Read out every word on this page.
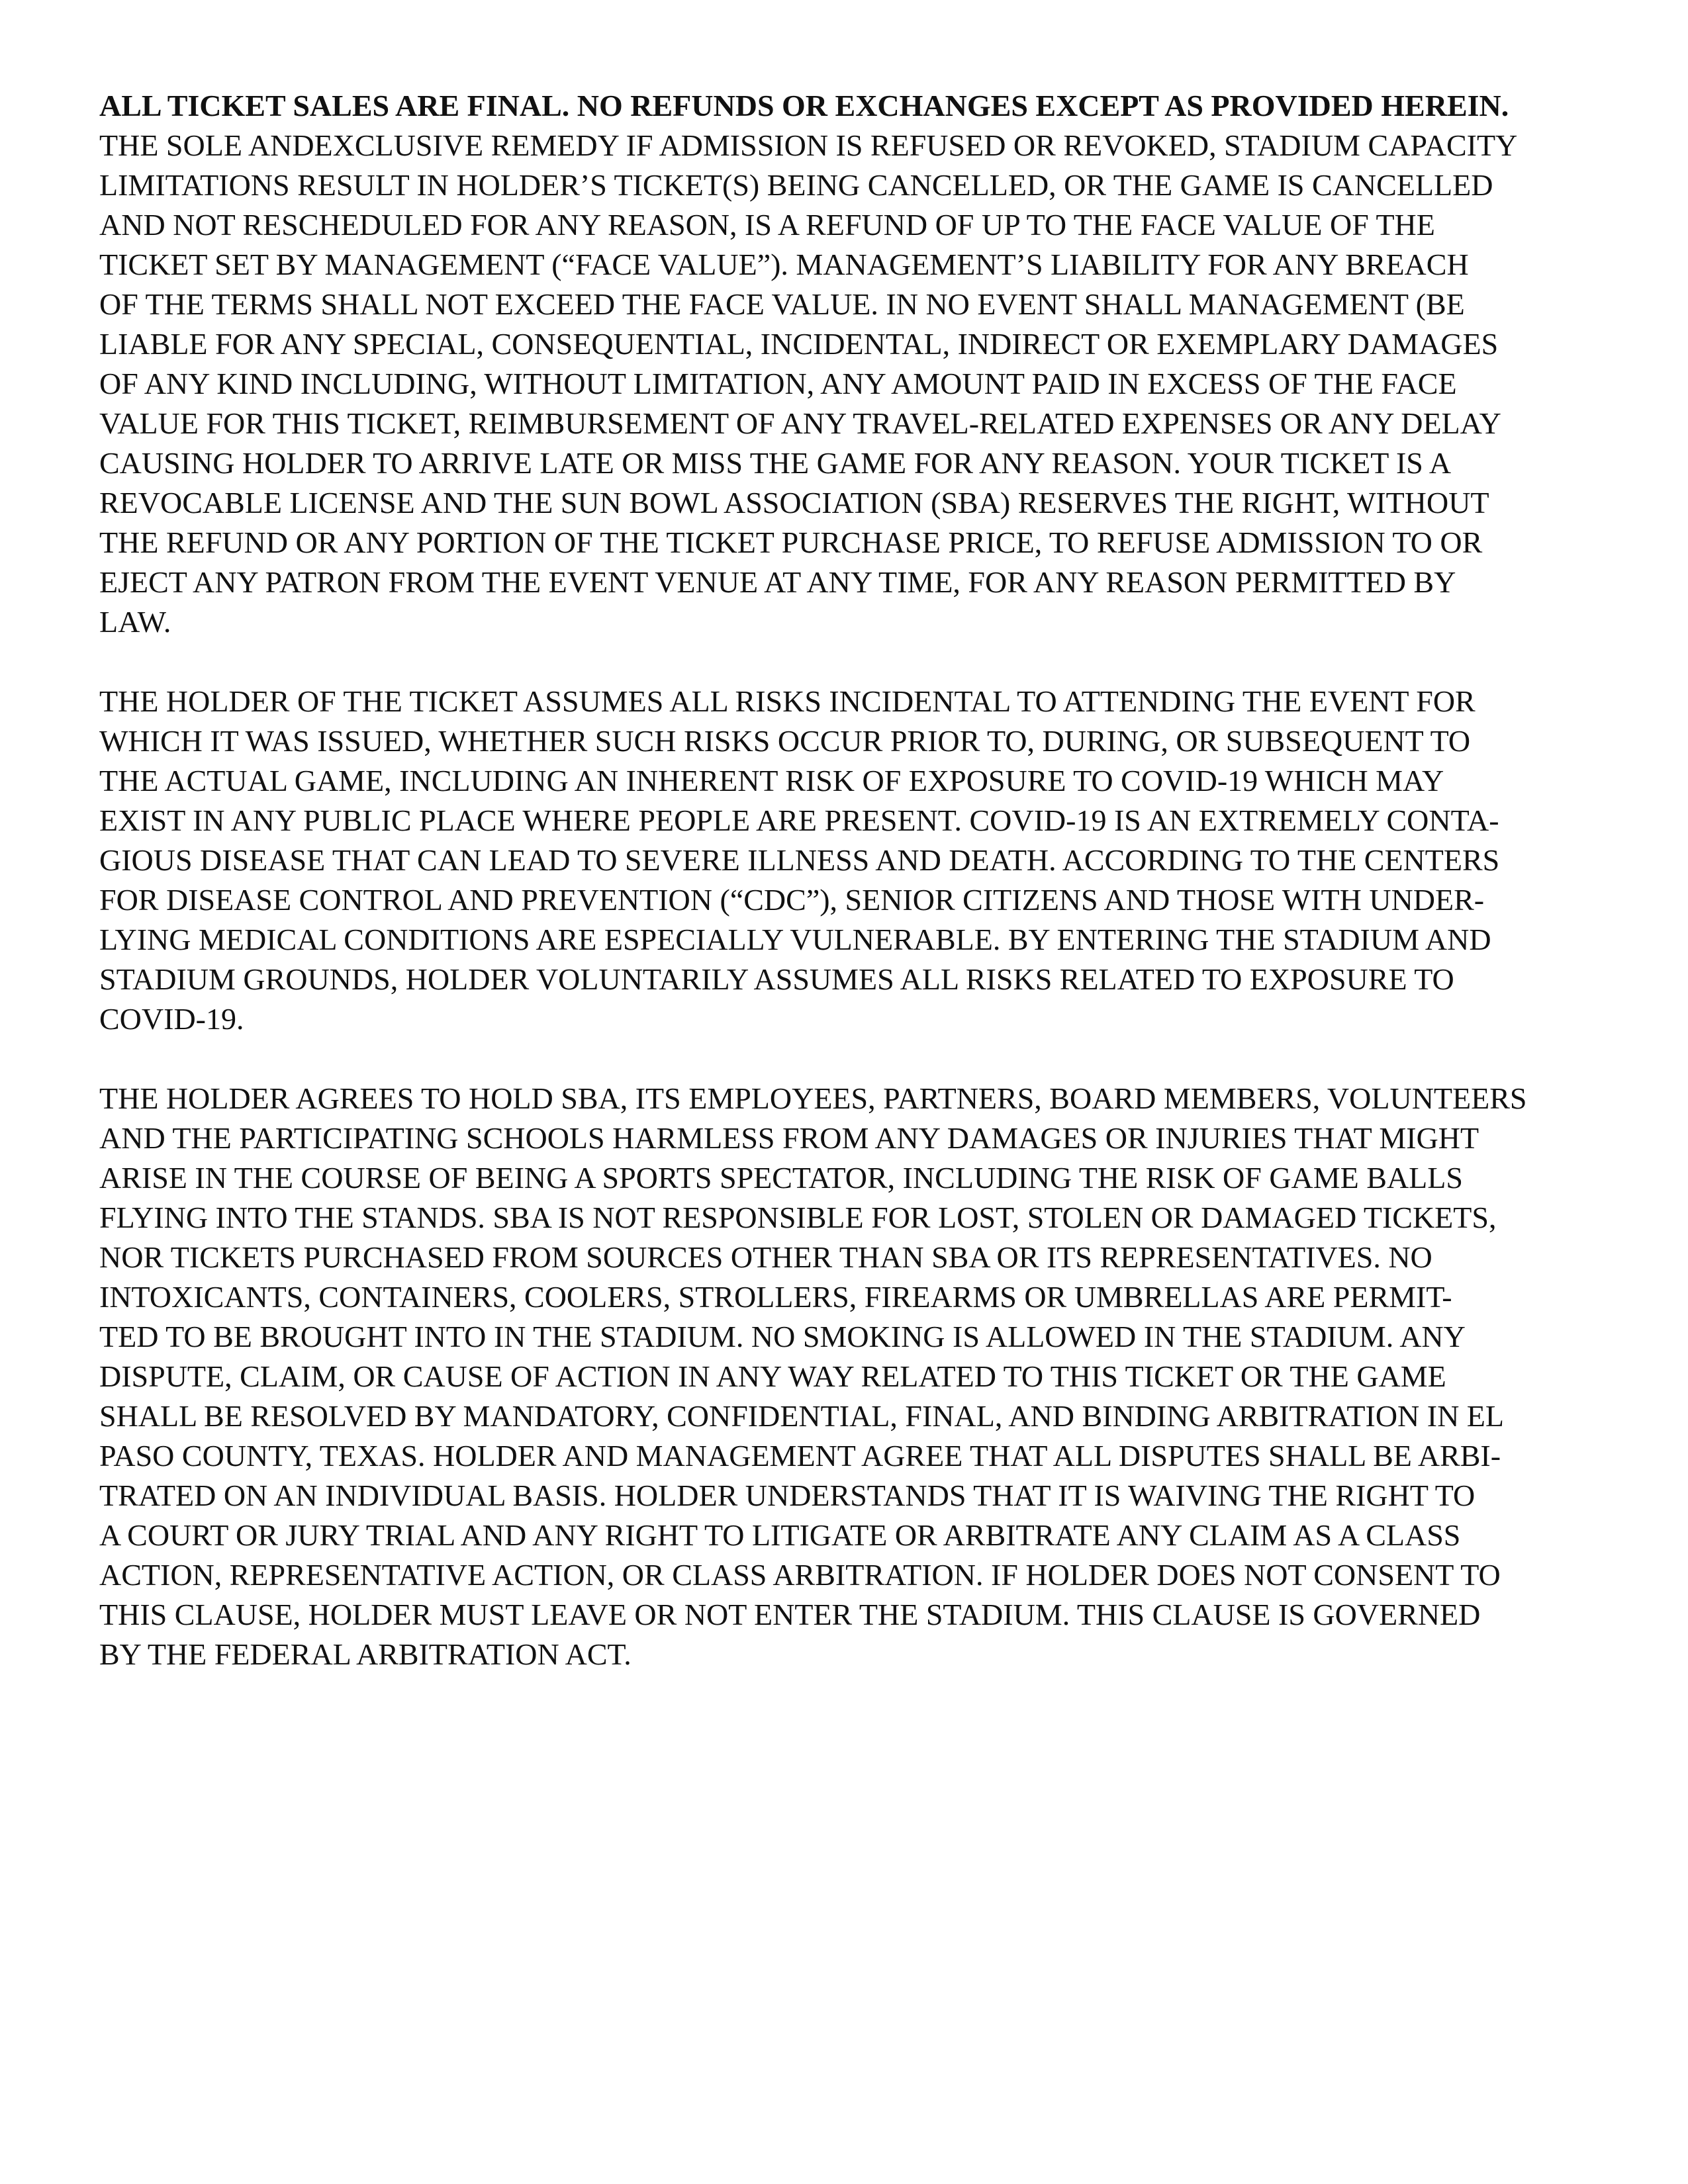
ALL TICKET SALES ARE FINAL. NO REFUNDS OR EXCHANGES EXCEPT AS PROVIDED HEREIN.
THE SOLE ANDEXCLUSIVE REMEDY IF ADMISSION IS REFUSED OR REVOKED, STADIUM CAPACITY
LIMITATIONS RESULT IN HOLDER’S TICKET(S) BEING CANCELLED, OR THE GAME IS CANCELLED
AND NOT RESCHEDULED FOR ANY REASON, IS A REFUND OF UP TO THE FACE VALUE OF THE
TICKET SET BY MANAGEMENT (“FACE VALUE”). MANAGEMENT’S LIABILITY FOR ANY BREACH
OF THE TERMS SHALL NOT EXCEED THE FACE VALUE. IN NO EVENT SHALL MANAGEMENT (BE
LIABLE FOR ANY SPECIAL, CONSEQUENTIAL, INCIDENTAL, INDIRECT OR EXEMPLARY DAMAGES
OF ANY KIND INCLUDING, WITHOUT LIMITATION, ANY AMOUNT PAID IN EXCESS OF THE FACE
VALUE FOR THIS TICKET, REIMBURSEMENT OF ANY TRAVEL-RELATED EXPENSES OR ANY DELAY
CAUSING HOLDER TO ARRIVE LATE OR MISS THE GAME FOR ANY REASON. YOUR TICKET IS A
REVOCABLE LICENSE AND THE SUN BOWL ASSOCIATION (SBA) RESERVES THE RIGHT, WITHOUT
THE REFUND OR ANY PORTION OF THE TICKET PURCHASE PRICE, TO REFUSE ADMISSION TO OR
EJECT ANY PATRON FROM THE EVENT VENUE AT ANY TIME, FOR ANY REASON PERMITTED BY
LAW.
THE HOLDER OF THE TICKET ASSUMES ALL RISKS INCIDENTAL TO ATTENDING THE EVENT FOR
WHICH IT WAS ISSUED, WHETHER SUCH RISKS OCCUR PRIOR TO, DURING, OR SUBSEQUENT TO
THE ACTUAL GAME, INCLUDING AN INHERENT RISK OF EXPOSURE TO COVID-19 WHICH MAY
EXIST IN ANY PUBLIC PLACE WHERE PEOPLE ARE PRESENT. COVID-19 IS AN EXTREMELY CONTA-
GIOUS DISEASE THAT CAN LEAD TO SEVERE ILLNESS AND DEATH. ACCORDING TO THE CENTERS
FOR DISEASE CONTROL AND PREVENTION (“CDC”), SENIOR CITIZENS AND THOSE WITH UNDER-
LYING MEDICAL CONDITIONS ARE ESPECIALLY VULNERABLE. BY ENTERING THE STADIUM AND
STADIUM GROUNDS, HOLDER VOLUNTARILY ASSUMES ALL RISKS RELATED TO EXPOSURE TO
COVID-19.
THE HOLDER AGREES TO HOLD SBA, ITS EMPLOYEES, PARTNERS, BOARD MEMBERS, VOLUNTEERS
AND THE PARTICIPATING SCHOOLS HARMLESS FROM ANY DAMAGES OR INJURIES THAT MIGHT
ARISE IN THE COURSE OF BEING A SPORTS SPECTATOR, INCLUDING THE RISK OF GAME BALLS
FLYING INTO THE STANDS. SBA IS NOT RESPONSIBLE FOR LOST, STOLEN OR DAMAGED TICKETS,
NOR TICKETS PURCHASED FROM SOURCES OTHER THAN SBA OR ITS REPRESENTATIVES. NO
INTOXICANTS, CONTAINERS, COOLERS, STROLLERS, FIREARMS OR UMBRELLAS ARE PERMIT-
TED TO BE BROUGHT INTO IN THE STADIUM. NO SMOKING IS ALLOWED IN THE STADIUM. ANY
DISPUTE, CLAIM, OR CAUSE OF ACTION IN ANY WAY RELATED TO THIS TICKET OR THE GAME
SHALL BE RESOLVED BY MANDATORY, CONFIDENTIAL, FINAL, AND BINDING ARBITRATION IN EL
PASO COUNTY, TEXAS. HOLDER AND MANAGEMENT AGREE THAT ALL DISPUTES SHALL BE ARBI-
TRATED ON AN INDIVIDUAL BASIS. HOLDER UNDERSTANDS THAT IT IS WAIVING THE RIGHT TO
A COURT OR JURY TRIAL AND ANY RIGHT TO LITIGATE OR ARBITRATE ANY CLAIM AS A CLASS
ACTION, REPRESENTATIVE ACTION, OR CLASS ARBITRATION. IF HOLDER DOES NOT CONSENT TO
THIS CLAUSE, HOLDER MUST LEAVE OR NOT ENTER THE STADIUM. THIS CLAUSE IS GOVERNED
BY THE FEDERAL ARBITRATION ACT.
